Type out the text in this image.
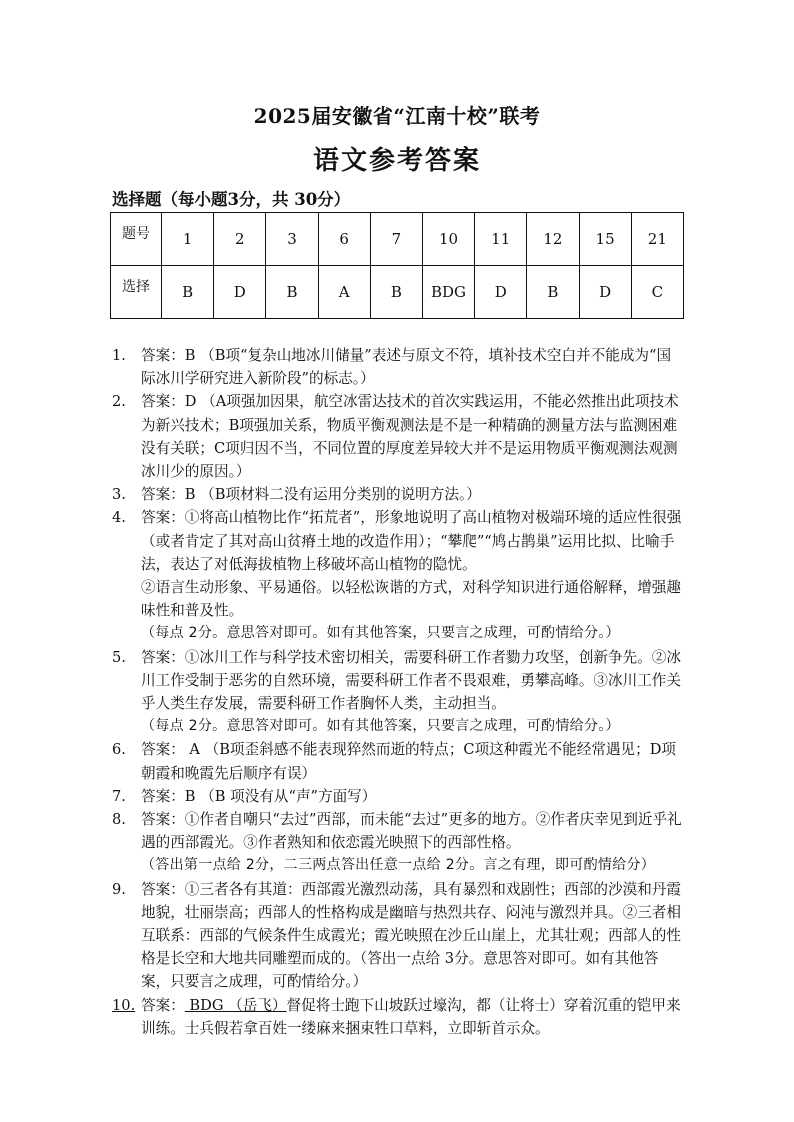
2025届安徽省“江南十校”联考
语文参考答案
选择题（每小题3分，共 30分）
题号	1	2	3	6	7	10	11	12	15	21
选择	B	D	B	A	B	BDG	D	B	D	C
1. 答案：B （B项“复杂山地冰川储量”表述与原文不符，填补技术空白并不能成为“国际冰川学研究进入新阶段”的标志。）

2. 答案：D （A项强加因果，航空冰雷达技术的首次实践运用，不能必然推出此项技术为新兴技术；B项强加关系，物质平衡观测法是不是一种精确的测量方法与监测困难没有关联；C项归因不当，不同位置的厚度差异较大并不是运用物质平衡观测法观测冰川少的原因。）

3. 答案：B （B项材料二没有运用分类别的说明方法。）

4. 答案：①将高山植物比作“拓荒者”，形象地说明了高山植物对极端环境的适应性很强（或者肯定了其对高山贫瘠土地的改造作用）；“攀爬”“鸠占鹊巢”运用比拟、比喻手法，表达了对低海拔植物上移破坏高山植物的隐忧。

②语言生动形象、平易通俗。以轻松诙谐的方式，对科学知识进行通俗解释，增强趣味性和普及性。

（每点 2分。意思答对即可。如有其他答案，只要言之成理，可酌情给分。）

5. 答案：①冰川工作与科学技术密切相关，需要科研工作者勠力攻坚，创新争先。②冰川工作受制于恶劣的自然环境，需要科研工作者不畏艰难，勇攀高峰。③冰川工作关乎人类生存发展，需要科研工作者胸怀人类，主动担当。

（每点 2分。意思答对即可。如有其他答案，只要言之成理，可酌情给分。）

6. 答案： A （B项歪斜感不能表现猝然而逝的特点；C项这种霞光不能经常遇见；D项朝霞和晚霞先后顺序有误）

7. 答案：B （B 项没有从“声”方面写）

8. 答案：①作者自嘲只“去过”西部，而未能“去过”更多的地方。②作者庆幸见到近乎礼遇的西部霞光。③作者熟知和依恋霞光映照下的西部性格。

（答出第一点给 2分，二三两点答出任意一点给 2分。言之有理，即可酌情给分）

9. 答案：①三者各有其道：西部霞光激烈动荡，具有暴烈和戏剧性；西部的沙漠和丹霞地貌，壮丽崇高；西部人的性格构成是幽暗与热烈共存、闷沌与激烈并具。②三者相互联系：西部的气候条件生成霞光；霞光映照在沙丘山崖上，尤其壮观；西部人的性格是长空和大地共同雕塑而成的。（答出一点给 3分。意思答对即可。如有其他答案，只要言之成理，可酌情给分。）

10. 答案： BDG （岳飞）督促将士跑下山坡跃过壕沟，都（让将士）穿着沉重的铠甲来训练。士兵假若拿百姓一缕麻来捆束牲口草料，立即斩首示众。
